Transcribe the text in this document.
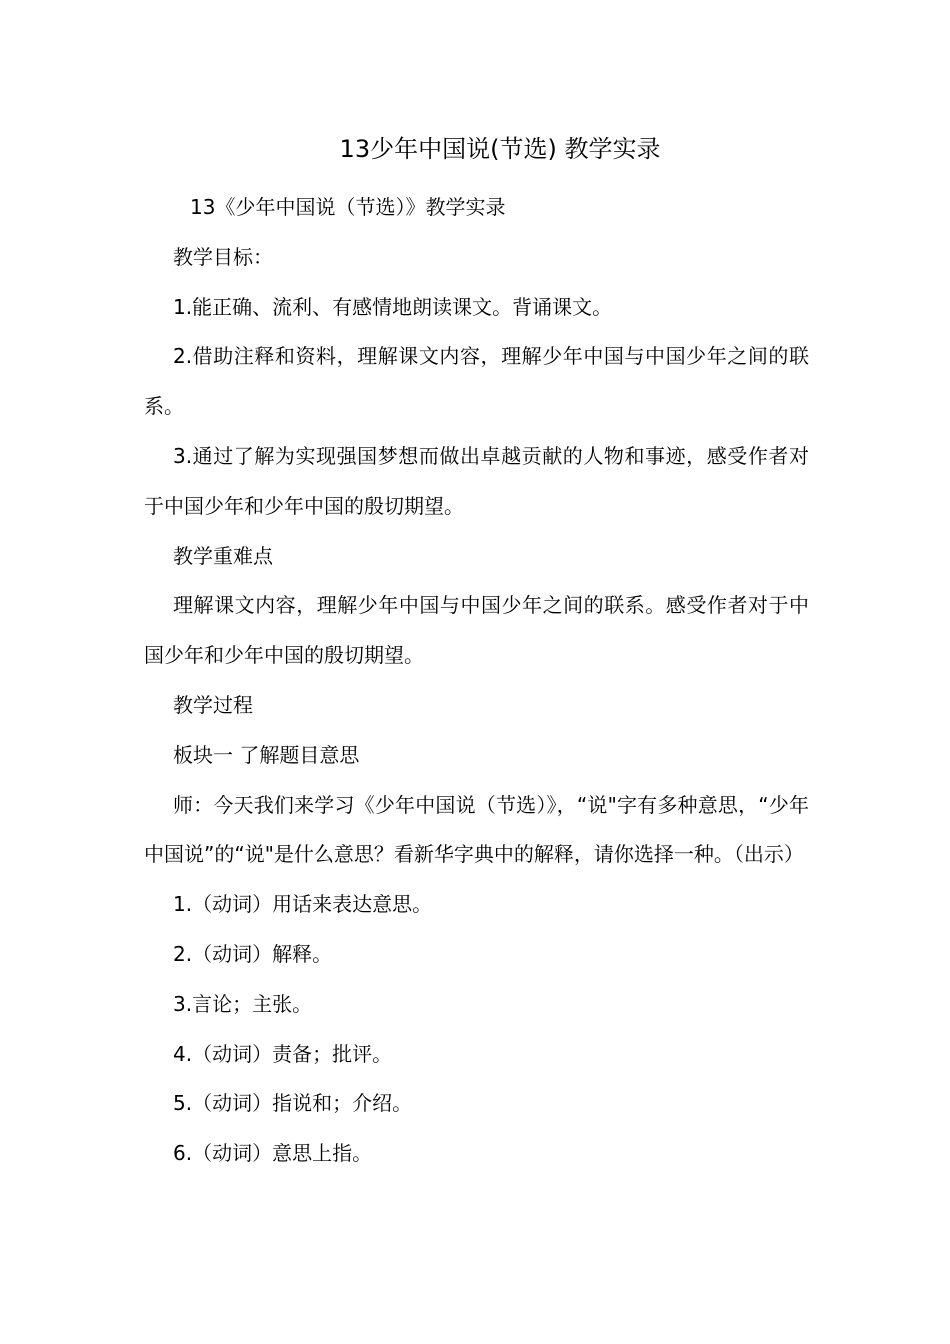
13少年中国说(节选) 教学实录

13《少年中国说（节选）》教学实录

教学目标：

1.能正确、流利、有感情地朗读课文。背诵课文。

2.借助注释和资料，理解课文内容，理解少年中国与中国少年之间的联系。

3.通过了解为实现强国梦想而做出卓越贡献的人物和事迹，感受作者对于中国少年和少年中国的殷切期望。

教学重难点

理解课文内容，理解少年中国与中国少年之间的联系。感受作者对于中国少年和少年中国的殷切期望。

教学过程

板块一 了解题目意思

师：今天我们来学习《少年中国说（节选）》，“说"字有多种意思，“少年中国说”的“说"是什么意思？看新华字典中的解释，请你选择一种。（出示）

1.（动词）用话来表达意思。

2.（动词）解释。

3.言论；主张。

4.（动词）责备；批评。

5.（动词）指说和；介绍。

6.（动词）意思上指。
